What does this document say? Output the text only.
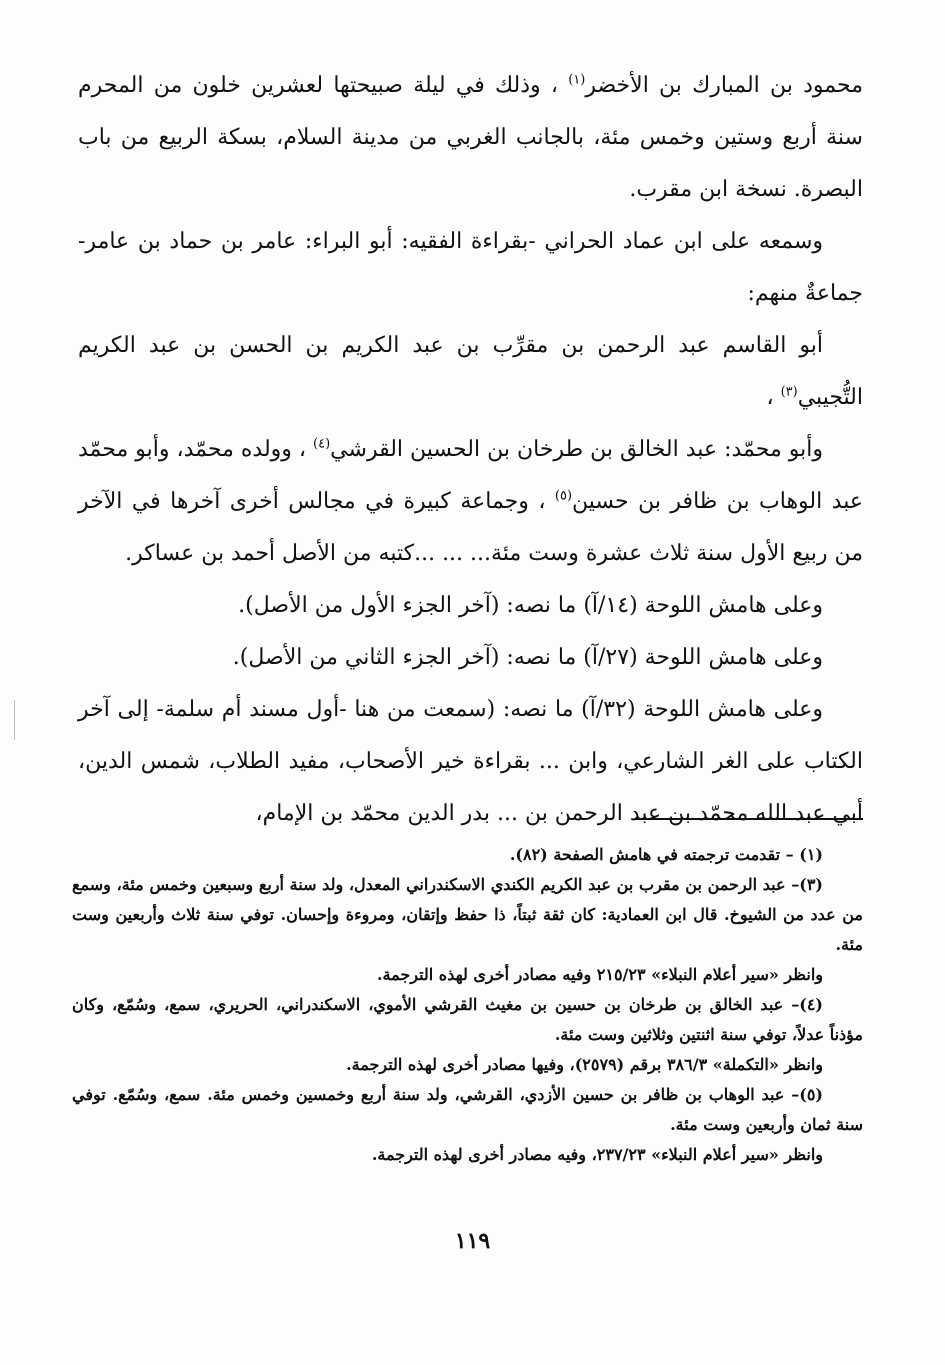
محمود بن المبارك بن الأخضر$^{(١)}$ ، وذلك في ليلة صبيحتها لعشرين خلون من المحرم سنة أربع وستين وخمس مئة، بالجانب الغربي من مدينة السلام، بسكة الربيع من باب البصرة. نسخة ابن مقرب.

وسمعه على ابن عماد الحراني -بقراءة الفقيه: أبو البراء: عامر بن حماد بن عامر- جماعةٌ منهم:

أبو القاسم عبد الرحمن بن مقرِّب بن عبد الكريم بن الحسن بن عبد الكريم التُّجيبي$^{(٣)}$ ،

وأبو محمّد: عبد الخالق بن طرخان بن الحسين القرشي$^{(٤)}$ ، وولده محمّد، وأبو محمّد عبد الوهاب بن ظافر بن حسين$^{(٥)}$ ، وجماعة كبيرة في مجالس أخرى آخرها في الآخر من ربيع الأول سنة ثلاث عشرة وست مئة... ... ...كتبه من الأصل أحمد بن عساكر.

وعلى هامش اللوحة (١٤/آ) ما نصه: (آخر الجزء الأول من الأصل).

وعلى هامش اللوحة (٢٧/آ) ما نصه: (آخر الجزء الثاني من الأصل).

وعلى هامش اللوحة (٣٢/آ) ما نصه: (سمعت من هنا -أول مسند أم سلمة- إلى آخر الكتاب على الغر الشارعي، وابن ... بقراءة خير الأصحاب، مفيد الطلاب، شمس الدين، أبي عبد الله محمّد بن عبد الرحمن بن ... بدر الدين محمّد بن الإمام،

(١) – تقدمت ترجمته في هامش الصفحة (٨٢).

(٣)– عبد الرحمن بن مقرب بن عبد الكريم الكندي الاسكندراني المعدل، ولد سنة أربع وسبعين وخمس مئة، وسمع من عدد من الشيوخ. قال ابن العمادية: كان ثقة ثبتاً، ذا حفظ وإتقان، ومروءة وإحسان. توفي سنة ثلاث وأربعين وست مئة.

وانظر «سير أعلام النبلاء» ٢١٥/٢٣ وفيه مصادر أخرى لهذه الترجمة.

(٤)– عبد الخالق بن طرخان بن حسين بن مغيث القرشي الأموي، الاسكندراني، الحريري، سمع، وسُمّع، وكان مؤذناً عدلاً، توفي سنة اثنتين وثلاثين وست مئة.

وانظر «التكملة» ٣٨٦/٣ برقم (٢٥٧٩)، وفيها مصادر أخرى لهذه الترجمة.

(٥)– عبد الوهاب بن ظافر بن حسين الأزدي، القرشي، ولد سنة أربع وخمسين وخمس مئة. سمع، وسُمّع. توفي سنة ثمان وأربعين وست مئة.

وانظر «سير أعلام النبلاء» ٢٣٧/٢٣، وفيه مصادر أخرى لهذه الترجمة.

١١٩
